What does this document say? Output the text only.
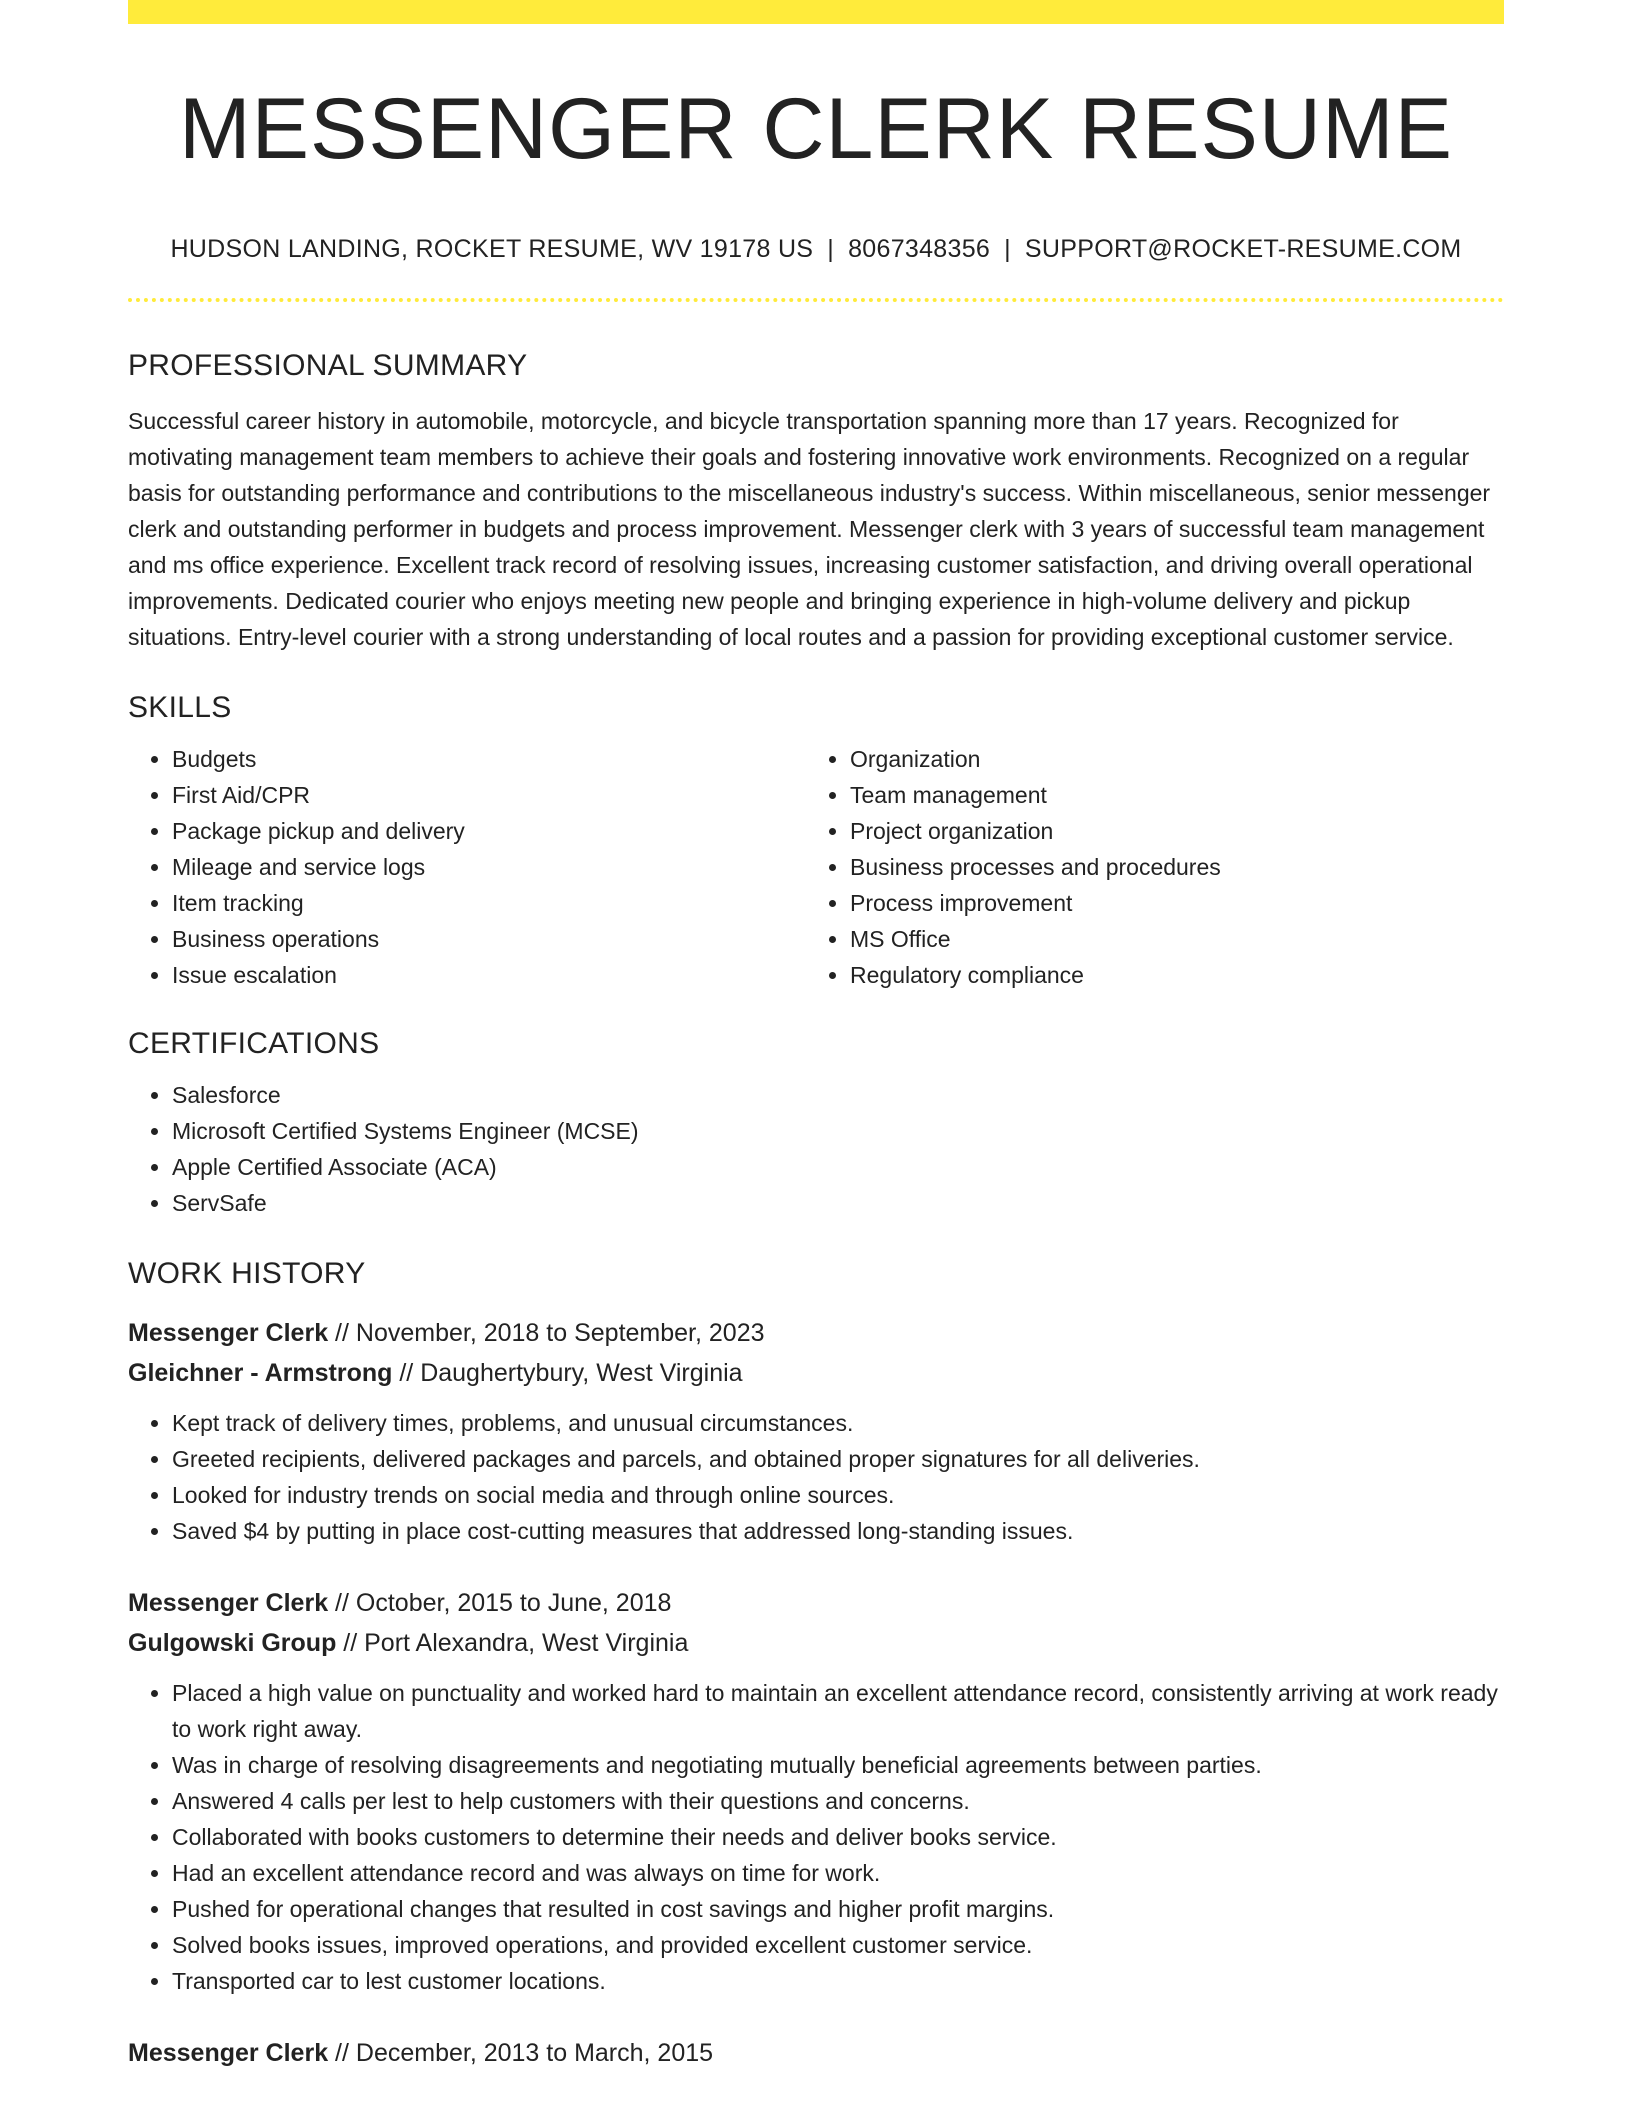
MESSENGER CLERK RESUME
HUDSON LANDING, ROCKET RESUME, WV 19178 US | 8067348356 | SUPPORT@ROCKET-RESUME.COM
PROFESSIONAL SUMMARY

Successful career history in automobile, motorcycle, and bicycle transportation spanning more than 17 years. Recognized for motivating management team members to achieve their goals and fostering innovative work environments. Recognized on a regular basis for outstanding performance and contributions to the miscellaneous industry's success. Within miscellaneous, senior messenger clerk and outstanding performer in budgets and process improvement. Messenger clerk with 3 years of successful team management and ms office experience. Excellent track record of resolving issues, increasing customer satisfaction, and driving overall operational improvements. Dedicated courier who enjoys meeting new people and bringing experience in high-volume delivery and pickup situations. Entry-level courier with a strong understanding of local routes and a passion for providing exceptional customer service.

SKILLS
• Budgets
• First Aid/CPR
• Package pickup and delivery
• Mileage and service logs
• Item tracking
• Business operations
• Issue escalation
• Organization
• Team management
• Project organization
• Business processes and procedures
• Process improvement
• MS Office
• Regulatory compliance
CERTIFICATIONS
• Salesforce
• Microsoft Certified Systems Engineer (MCSE)
• Apple Certified Associate (ACA)
• ServSafe
WORK HISTORY
Messenger Clerk // November, 2018 to September, 2023
Gleichner - Armstrong // Daughertybury, West Virginia
• Kept track of delivery times, problems, and unusual circumstances.
• Greeted recipients, delivered packages and parcels, and obtained proper signatures for all deliveries.
• Looked for industry trends on social media and through online sources.
• Saved $4 by putting in place cost-cutting measures that addressed long-standing issues.
Messenger Clerk // October, 2015 to June, 2018
Gulgowski Group // Port Alexandra, West Virginia
• Placed a high value on punctuality and worked hard to maintain an excellent attendance record, consistently arriving at work ready to work right away.
• Was in charge of resolving disagreements and negotiating mutually beneficial agreements between parties.
• Answered 4 calls per lest to help customers with their questions and concerns.
• Collaborated with books customers to determine their needs and deliver books service.
• Had an excellent attendance record and was always on time for work.
• Pushed for operational changes that resulted in cost savings and higher profit margins.
• Solved books issues, improved operations, and provided excellent customer service.
• Transported car to lest customer locations.
Messenger Clerk // December, 2013 to March, 2015
